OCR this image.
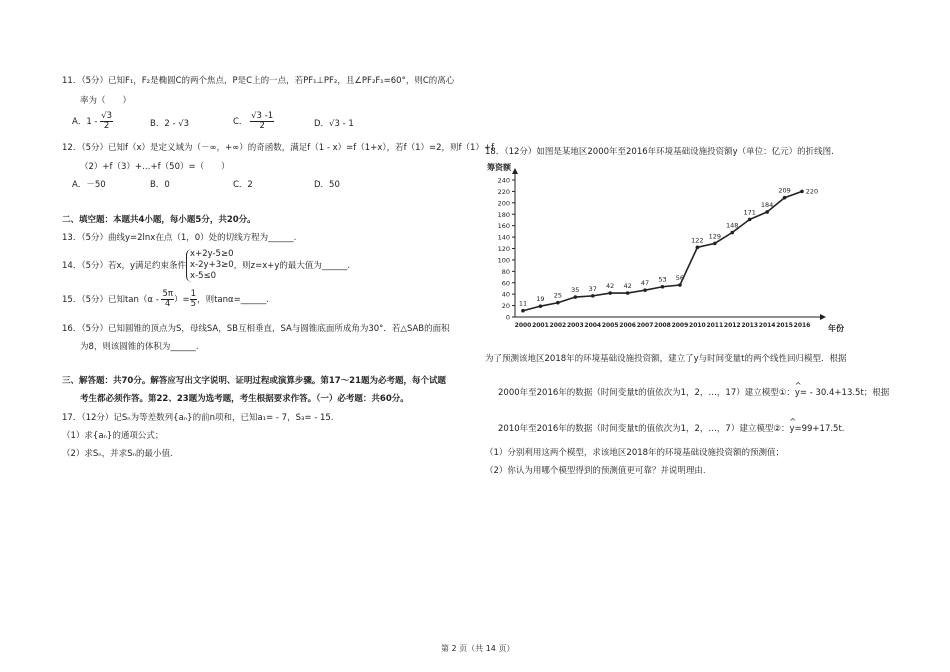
11．（5分）已知F₁，F₂是椭圆C的两个焦点，P是C上的一点，若PF₁⊥PF₂，且∠PF₂F₁=60°，则C的离心
率为（　　）
A．$1 - \frac{√3}{2}$	B．2 - √3	C． $\frac{√3 -1}{2}$	D．√3 - 1
12．（5分）已知f（x）是定义域为（－∞，+∞）的奇函数，满足f（1 - x）=f（1+x），若f（1）=2，则f（1）+f
（2）+f（3）+…+f（50）=（　　）
A．－50	B．0	C．2	D．50
二、填空题：本题共4小题，每小题5分，共20分。
13．（5分）曲线y=2lnx在点（1，0）处的切线方程为______.
14．（5分）若x，y满足约束条件
x+2y-5≥0
x-2y+3≥0
x-5≤0
，则z=x+y的最大值为______.
15．（5分）已知$\tan(\alpha - \frac{5\pi}{4}$ ）= $\frac{1}{5}$ ，则tanα=______.
16．（5分）已知圆锥的顶点为S，母线SA，SB互相垂直，SA与圆锥底面所成角为30°．若△SAB的面积
为8，则该圆锥的体积为______.
三、解答题：共70分。解答应写出文字说明、证明过程或演算步骤。第17～21题为必考题，每个试题
考生都必须作答。第22、23题为选考题，考生根据要求作答。（一）必考题：共60分。
17．（12分）记Sₙ为等差数列{aₙ}的前n项和，已知a₁= - 7，S₃= - 15.
（1）求{aₙ}的通项公式；
（2）求Sₙ，并求Sₙ的最小值.
18．（12分）如图是某地区2000年至2016年环境基础设施投资额y（单位：亿元）的折线图.
筹资额
年份
0
20
40
60
80
100
120
140
160
180
200
220
240
2000 2001 2002 2003 2004 2005 2006 2007 2008 2009 2010 2011 2012 2013 2014 2015 2016
11
19 25
35 37 42 42 47 53 56
122 129
148
171
184
209 220
为了预测该地区2018年的环境基础设施投资额，建立了y与时间变量t的两个线性回归模型．根据
2000年至2016年的数据（时间变量t的值依次为1，2，…，17）建立模型①：^ y= - 30.4+13.5t；根据
2010年至2016年的数据（时间变量t的值依次为1，2，…，7）建立模型②：^ y=99+17.5t.
（1）分别利用这两个模型，求该地区2018年的环境基础设施投资额的预测值；
（2）你认为用哪个模型得到的预测值更可靠？并说明理由.
第 2 页（共 14 页）
